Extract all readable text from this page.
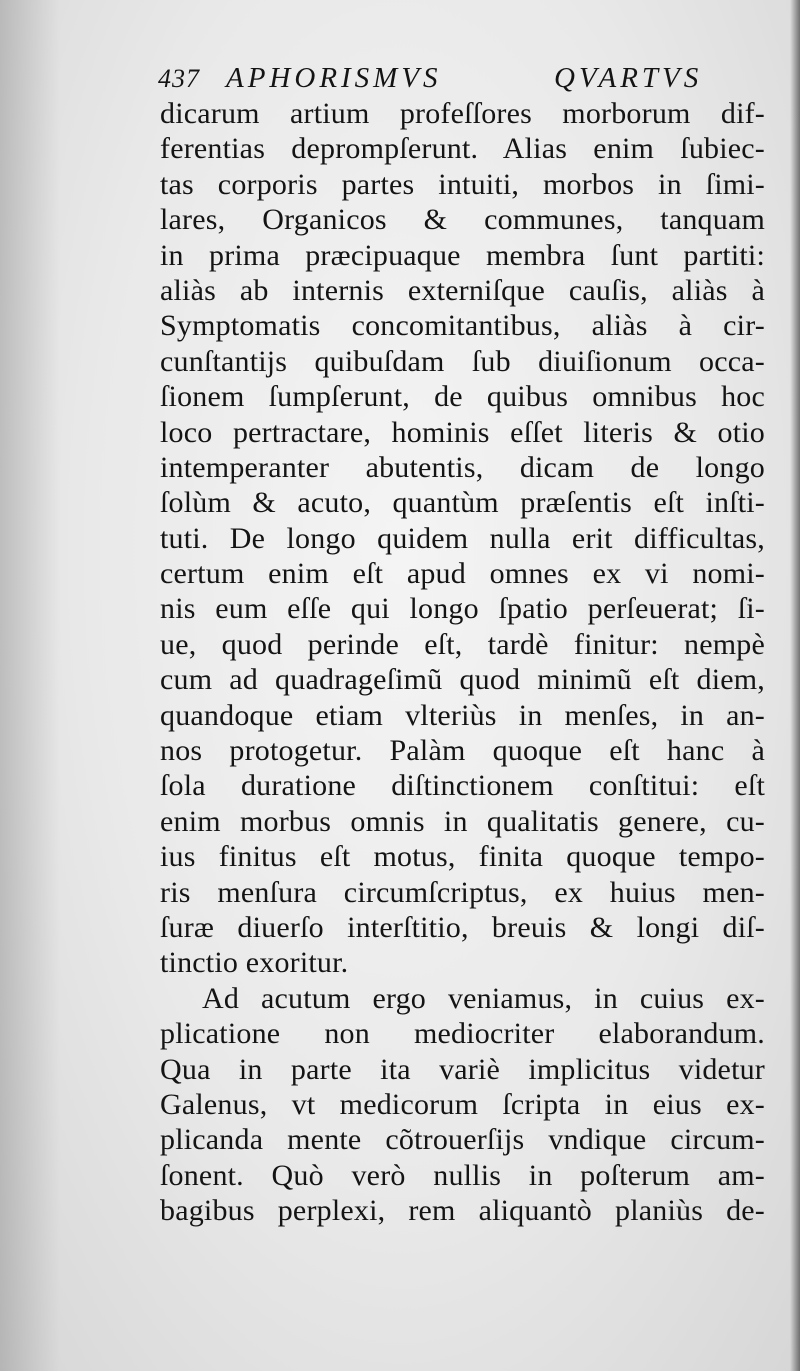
437 APHORISMVS	QVARTVS
dicarum artium profeſſores morborum dif-
ferentias deprompſerunt. Alias enim ſubiec-
tas corporis partes intuiti, morbos in ſimi-
lares, Organicos & communes, tanquam
in prima præcipuaque membra ſunt partiti:
aliàs ab internis externiſque cauſis, aliàs à
Symptomatis concomitantibus, aliàs à cir-
cunſtantijs quibuſdam ſub diuiſionum occa-
ſionem ſumpſerunt, de quibus omnibus hoc
loco pertractare, hominis eſſet literis & otio
intemperanter abutentis, dicam de longo
ſolùm & acuto, quantùm præſentis eſt inſti-
tuti. De longo quidem nulla erit difficultas,
certum enim eſt apud omnes ex vi nomi-
nis eum eſſe qui longo ſpatio perſeuerat; ſi-
ue, quod perinde eſt, tardè finitur: nempè
cum ad quadrageſimũ quod minimũ eſt diem,
quandoque etiam vlteriùs in menſes, in an-
nos protogetur. Palàm quoque eſt hanc à
ſola duratione diſtinctionem conſtitui: eſt
enim morbus omnis in qualitatis genere, cu-
ius finitus eſt motus, finita quoque tempo-
ris menſura circumſcriptus, ex huius men-
ſuræ diuerſo interſtitio, breuis & longi diſ-
tinctio exoritur.
Ad acutum ergo veniamus, in cuius ex-
plicatione non mediocriter elaborandum.
Qua in parte ita variè implicitus videtur
Galenus, vt medicorum ſcripta in eius ex-
plicanda mente cõtrouerſijs vndique circum-
ſonent. Quò verò nullis in poſterum am-
bagibus perplexi, rem aliquantò planiùs de-
